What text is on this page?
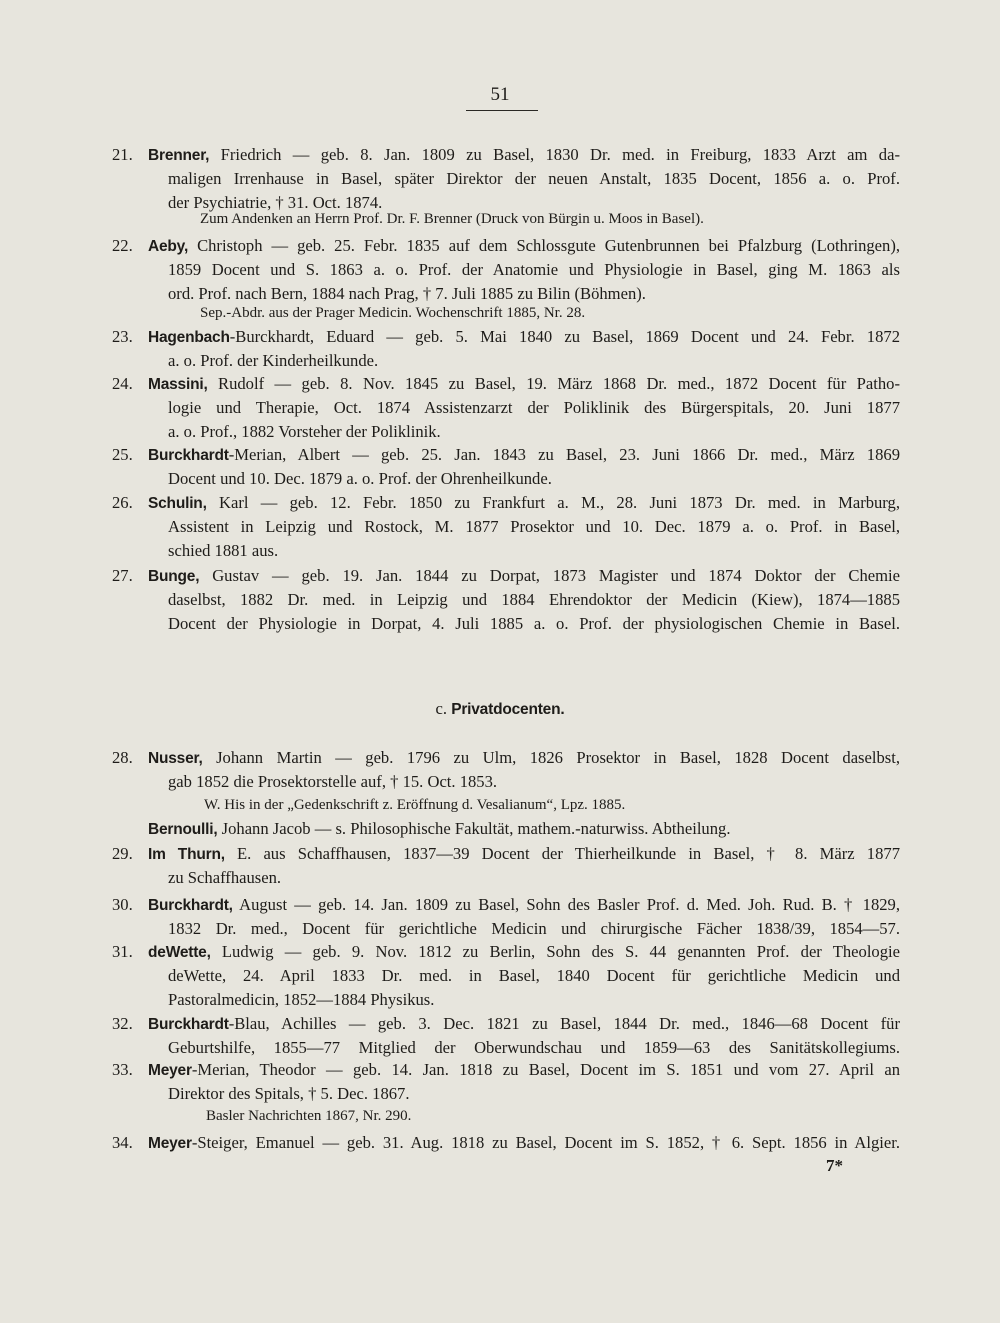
51
21. Brenner, Friedrich — geb. 8. Jan. 1809 zu Basel, 1830 Dr. med. in Freiburg, 1833 Arzt am da-
maligen Irrenhause in Basel, später Direktor der neuen Anstalt, 1835 Docent, 1856 a. o. Prof.
der Psychiatrie, † 31. Oct. 1874.
Zum Andenken an Herrn Prof. Dr. F. Brenner (Druck von Bürgin u. Moos in Basel).
22. Aeby, Christoph — geb. 25. Febr. 1835 auf dem Schlossgute Gutenbrunnen bei Pfalzburg (Lothringen),
1859 Docent und S. 1863 a. o. Prof. der Anatomie und Physiologie in Basel, ging M. 1863 als
ord. Prof. nach Bern, 1884 nach Prag, † 7. Juli 1885 zu Bilin (Böhmen).
Sep.-Abdr. aus der Prager Medicin. Wochenschrift 1885, Nr. 28.
23. Hagenbach-Burckhardt, Eduard — geb. 5. Mai 1840 zu Basel, 1869 Docent und 24. Febr. 1872
a. o. Prof. der Kinderheilkunde.
24. Massini, Rudolf — geb. 8. Nov. 1845 zu Basel, 19. März 1868 Dr. med., 1872 Docent für Patho-
logie und Therapie, Oct. 1874 Assistenzarzt der Poliklinik des Bürgerspitals, 20. Juni 1877
a. o. Prof., 1882 Vorsteher der Poliklinik.
25. Burckhardt-Merian, Albert — geb. 25. Jan. 1843 zu Basel, 23. Juni 1866 Dr. med., März 1869
Docent und 10. Dec. 1879 a. o. Prof. der Ohrenheilkunde.
26. Schulin, Karl — geb. 12. Febr. 1850 zu Frankfurt a. M., 28. Juni 1873 Dr. med. in Marburg,
Assistent in Leipzig und Rostock, M. 1877 Prosektor und 10. Dec. 1879 a. o. Prof. in Basel,
schied 1881 aus.
27. Bunge, Gustav — geb. 19. Jan. 1844 zu Dorpat, 1873 Magister und 1874 Doktor der Chemie
daselbst, 1882 Dr. med. in Leipzig und 1884 Ehrendoktor der Medicin (Kiew), 1874—1885
Docent der Physiologie in Dorpat, 4. Juli 1885 a. o. Prof. der physiologischen Chemie in Basel.
c. Privatdocenten.
28. Nusser, Johann Martin — geb. 1796 zu Ulm, 1826 Prosektor in Basel, 1828 Docent daselbst,
gab 1852 die Prosektorstelle auf, † 15. Oct. 1853.
W. His in der „Gedenkschrift z. Eröffnung d. Vesalianum“, Lpz. 1885.
Bernoulli, Johann Jacob — s. Philosophische Fakultät, mathem.-naturwiss. Abtheilung.
29. Im Thurn, E. aus Schaffhausen, 1837—39 Docent der Thierheilkunde in Basel, † 8. März 1877
zu Schaffhausen.
30. Burckhardt, August — geb. 14. Jan. 1809 zu Basel, Sohn des Basler Prof. d. Med. Joh. Rud. B. † 1829,
1832 Dr. med., Docent für gerichtliche Medicin und chirurgische Fächer 1838/39, 1854—57.
31. deWette, Ludwig — geb. 9. Nov. 1812 zu Berlin, Sohn des S. 44 genannten Prof. der Theologie
deWette, 24. April 1833 Dr. med. in Basel, 1840 Docent für gerichtliche Medicin und
Pastoralmedicin, 1852—1884 Physikus.
32. Burckhardt-Blau, Achilles — geb. 3. Dec. 1821 zu Basel, 1844 Dr. med., 1846—68 Docent für
Geburtshilfe, 1855—77 Mitglied der Oberwundschau und 1859—63 des Sanitätskollegiums.
33. Meyer-Merian, Theodor — geb. 14. Jan. 1818 zu Basel, Docent im S. 1851 und vom 27. April an
Direktor des Spitals, † 5. Dec. 1867.
Basler Nachrichten 1867, Nr. 290.
34. Meyer-Steiger, Emanuel — geb. 31. Aug. 1818 zu Basel, Docent im S. 1852, † 6. Sept. 1856 in Algier.
7*
